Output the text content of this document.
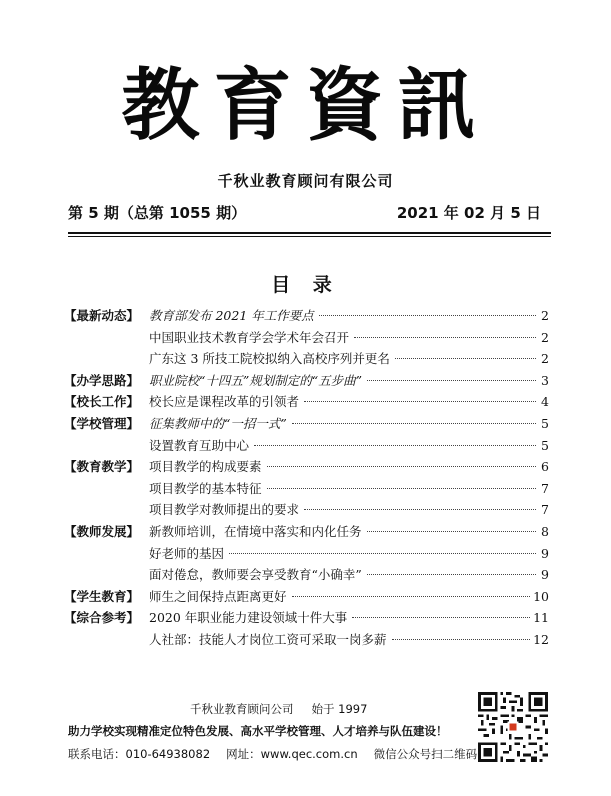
教育資訊
千秋业教育顾问有限公司
第 5 期（总第 1055 期）	2021 年 02 月 5 日
目 录
【最新动态】 教育部发布 2021 年工作要点	2
中国职业技术教育学会学术年会召开	2
广东这 3 所技工院校拟纳入高校序列并更名	2
【办学思路】 职业院校“十四五”规划制定的“五步曲”	3
【校长工作】 校长应是课程改革的引领者	4
【学校管理】 征集教师中的“一招一式”	5
设置教育互助中心	5
【教育教学】 项目教学的构成要素	6
项目教学的基本特征	7
项目教学对教师提出的要求	7
【教师发展】 新教师培训，在情境中落实和内化任务	8
好老师的基因	9
面对倦怠，教师要会享受教育“小确幸”	9
【学生教育】 师生之间保持点距离更好	10
【综合参考】 2020 年职业能力建设领域十件大事	11
人社部：技能人才岗位工资可采取一岗多薪	12
千秋业教育顾问公司 始于 1997
助力学校实现精准定位特色发展、高水平学校管理、人才培养与队伍建设！
联系电话：010-64938082 网址：www.qec.com.cn 微信公众号扫二维码
